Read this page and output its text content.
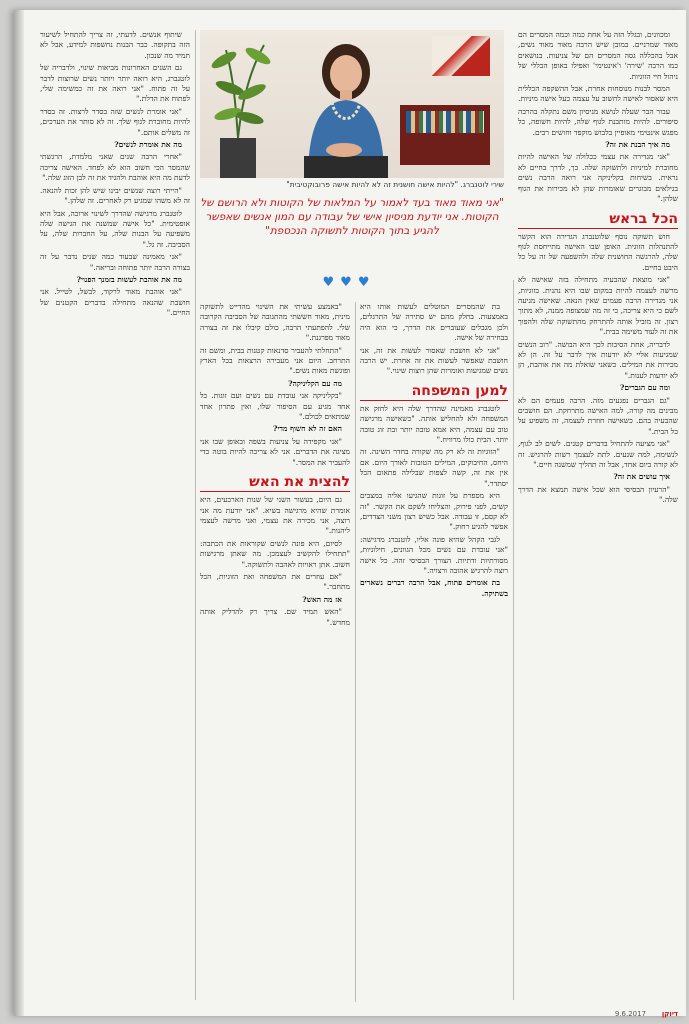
שירי לוטנברג. "להיות אישה חושנית זה לא להיות אישה פרובוקטיבית"
"אני מאוד מאוד בעד לאמור על המלאות של הקוטות ולא הרושם של הקוטות. אני יודעת מניסיון אישי של עבודה עם המון אנשים שאפשר להגיע בתוך הקוטות לתשוקה הנכספת"
♥♥♥

ומכוונים, ובגלל הזה על אחת כמה וכמה המסרים הם מאוד שמרניים. במובן שיש הרבה מאוד מאוד נשים, אבל בהכללה גסה המסרים הם של צניעות. בנושאים כמו הרבה 'שירה' ו'אינטימי' ואפילו באופן הכללי של ניהול חיי הזוגיות.

המסר לבנות מנוסחות אחרת, אבל ההשקפה הכללית היא שאסור לאישה לחשוב על עצמה כעל אישה מיניות.

עבור הבר שעלה לנושא מניסיון משם נתקלה בהרבה סיפורים. להיות מותבנת לגוף שלה, להיות חשופה, כל מפגש אינטימי מאופיין בלבוש מוקפד וחושים רבים.

מה איך הבנת את זה?

"אני מגדירה את עצמי ככלולה של האישה להיות מחוברת למיניות ולתשוקה שלה. כך, לדרך בחיים לא נראית. בשיחות בקליניקה אני רואה הרבה נשים בגילאים מבוגרים שאומרות שהן לא מכירות את הגוף שלהן."

הכל בראש

חוש תשוקה נוסף שלוטנברג הגדירה הוא הקשר להתנהלות הזוגית. האופן שבו האישה מתייחסת לגוף שלה, להרגשה החושנית שלה ולהשפעה של זה על כל היבט בחיים.

"אני מוצאת שהבעיה מתחילה בזה שאישה לא מרשה לעצמה להיות במקום שבו היא נהנית. בזוגיות, אני מגדירה הרבה פעמים שאין הנאה. שאישה מגיעה לשם כי היא צריכה, כי זה מה שמצופה ממנה, לא מתוך רצון. זה מוביל אותה להתרחק מהתשוקה שלה ולהפוך את זה לעוד משימה בבית."

לדבריה, אחת הסיבות לכך היא הבושה. "רוב הנשים שמגיעות אליי לא יודעות איך לדבר על זה. הן לא מכירות את המילים. כשאני שואלת מה את אוהבת, הן לא יודעות לענות."

ומה עם הגברים?

"גם הגברים נפגעים מזה. הרבה פעמים הם לא מבינים מה קורה, למה האישה מתרחקת. הם חושבים שהבעיה בהם. כשאישה חוזרת לעצמה, זה משפיע על כל הבית."

"אני מציעה להתחיל בדברים קטנים. לשים לב לגוף, לנשימה, למה שנעים. לתת לעצמך רשות להרגיש. זה לא קורה ביום אחד, אבל זה תהליך שמשנה חיים."

איך עושים את זה?

"הרעיון הבסיסי הוא שכל אישה תמצא את הדרך שלה."

בת שהמסרים המוטלים לעשות אותו היא באמצעות. בחלק מהם יש סתירה של התרגלים, ולכן מגבלים שעוברים את הדרך, כי הוא היה בבחירה של אישה.

"אני לא חושבת שאסור לעשות את זה, אני חושבת שאפשר לעשות את זה אחרת. יש הרבה נשים שמגיעות ואומרות שהן רוצות שינוי."

למען המשפחה

לוטנברג מאמינה שהדרך שלה היא לחזק את המשפחה ולא להחליש אותה. "כשאישה מרגישה טוב עם עצמה, היא אמא טובה יותר ובת זוג טובה יותר. הבית כולו מרוויח."

"הזוגיות זה לא רק מה שקורה בחדר השינה. זה היחס, החיבוקים, המילים הטובות לאורך היום. אם אין את זה, קשה לצפות שבלילה פתאום הכל יסתדר."

היא מספרת על זוגות שהגיעו אליה במצבים קשים, לפני פירוק, והצליחו לשקם את הקשר. "זה לא קסם, זו עבודה. אבל כשיש רצון משני הצדדים, אפשר להגיע רחוק."

לגבי הקהל שהיא פונה אליו, לוטנברג מדגישה: "אני עובדת עם נשים מכל הגוונים, חילוניות, מסורתיות ודתיות. הצורך הבסיסי זהה. כל אישה רוצה להרגיש אהובה ורצויה."

בת אומרים פתוח, אבל הרבה דברים נשארים בשתיקה.

"באמצע עשיתי את השינוי מהדייט לתשוקה מינית, מאוד חששתי מהתגובה של הסביבה הקרובה שלי. להפתעתי הרבה, כולם קיבלו את זה בצורה מאוד מפרגנת."

"התחלתי להעביר סדנאות קטנות בבית, ומשם זה התרחב. היום אני מעבירה הרצאות בכל הארץ ופוגשת מאות נשים."

מה עם הקליניקה?

"בקליניקה אני עובדת עם נשים ועם זוגות. כל אחד מגיע עם הסיפור שלו, ואין פתרון אחד שמתאים לכולם."

האם זה לא חשוף מדי?

"אני מקפידה על צניעות בשפה ובאופן שבו אני מציגה את הדברים. אני לא צריכה להיות בוטה כדי להעביר את המסר."

להצית את האש

גם היום, בעשור השני של שנות הארבעים, היא אומרת שהיא מרגישה בשיא. "אני יודעת מה אני רוצה, אני מכירה את עצמי, ואני מרשה לעצמי ליהנות."

לסיום, היא פונה לנשים שקוראות את הכתבה: "תתחילו להקשיב לעצמכן. מה שאתן מרגישות חשוב. אתן ראויות לאהבה ולתשוקה."

"אם עוזרים את המשפחה ואת הזוגיות, הכל מתחבר."

אז מה האש?

"האש תמיד שם. צריך רק להדליק אותה מחדש."

שיתוף אנשים. לדעתי, זה צריך להתחיל לשיעור הזה בתקופה. כבר הבנות נחשפות למידע, אבל לא תמיד מה שנכון.

גם השנים האחרונות מביאות שינוי, ולדבריה של לוטנברג, היא רואה יותר ויותר נשים שרוצות לדבר על זה פתוח. "אני רואה את זה כמשימה שלי, לפתוח את הדלת."

"אני אומרת לנשים שזה בסדר לרצות. זה בסדר להיות מחוברת לגוף שלך. זה לא סותר את הערכים, זה משלים אותם."

מה את אומרת לנשים?

"אחרי הרבה שנים שאני מלמדת, הרגשתי שהמסר הכי חשוב הוא לא לפחד. האישה צריכה לדעת מה היא אוהבת ולהגיד את זה לבן הזוג שלה."

"הייתי רוצה שנשים יבינו שיש להן זכות להנאה. זה לא משהו שמגיע רק לאחרים. זה שלהן."

לוטנברג מרגישה שהדרך לשינוי ארוכה, אבל היא אופטימית. "כל אישה שמשנה את הגישה שלה משפיעה על הבנות שלה, על החברות שלה, על הסביבה. זה גל."

"אני מאמינה שבעוד כמה שנים נדבר על זה בצורה הרבה יותר פתוחה ובריאה."

מה את אוהבת לעשות בזמנך הפנוי?

"אני אוהבת מאוד לרקוד, לבשל, לטייל. אני חושבת שהנאה מתחילה בדברים הקטנים של החיים."

9.6.2017 דיוקן
